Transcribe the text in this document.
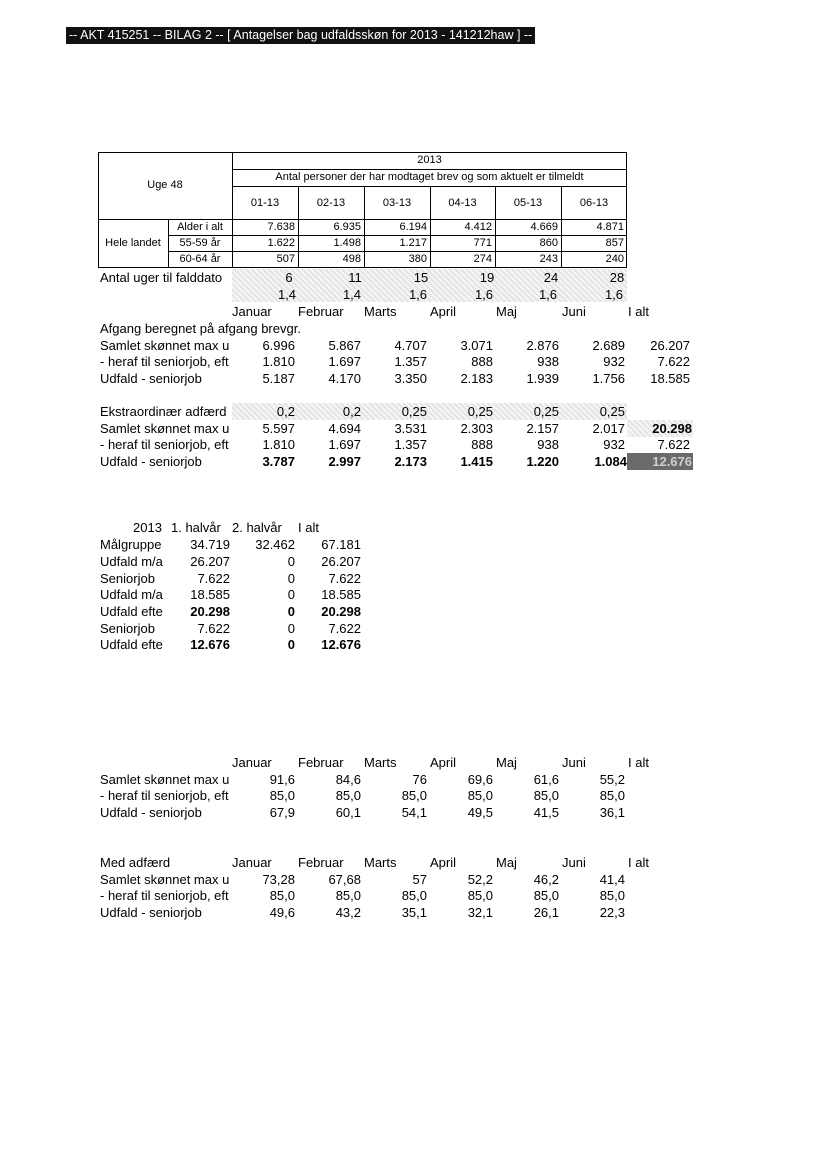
-- AKT 415251 -- BILAG 2 -- [ Antagelser bag udfaldsskøn for 2013 - 141212haw ] --
Uge 48
2013
Antal personer der har modtaget brev og som aktuelt er tilmeldt
01-13	02-13	03-13	04-13	05-13	06-13
Hele landet
Alder i alt	7.638	6.935	6.194	4.412	4.669	4.871
55-59 år	1.622	1.498	1.217	771	860	857
60-64 år	507	498	380	274	243	240
Antal uger til falddato	6	11	15	19	24	28
1,4	1,4	1,6	1,6	1,6	1,6
Januar Februar Marts	April	Maj	Juni	I alt
Afgang beregnet på afgang brevgr.
Samlet skønnet max u	6.996	5.867	4.707	3.071	2.876	2.689	26.207
- heraf til seniorjob, eft	1.810	1.697	1.357	888	938	932	7.622
Udfald - seniorjob	5.187	4.170	3.350	2.183	1.939	1.756	18.585
Ekstraordinær adfærd	0,2	0,2	0,25	0,25	0,25	0,25
Samlet skønnet max u	5.597	4.694	3.531	2.303	2.157	2.017	20.298
- heraf til seniorjob, eft	1.810	1.697	1.357	888	938	932	7.622
Udfald - seniorjob	3.787	2.997	2.173	1.415	1.220	1.084	12.676
2013 1. halvår 2. halvår I alt
Målgruppe	34.719	32.462	67.181
Udfald m/a	26.207	0	26.207
Seniorjob	7.622	0	7.622
Udfald m/a	18.585	0	18.585
Udfald efte	20.298	0	20.298
Seniorjob	7.622	0	7.622
Udfald efte	12.676	0	12.676
Januar Februar Marts	April	Maj	Juni	I alt
Samlet skønnet max u	91,6	84,6	76	69,6	61,6	55,2
- heraf til seniorjob, eft	85,0	85,0	85,0	85,0	85,0	85,0
Udfald - seniorjob	67,9	60,1	54,1	49,5	41,5	36,1
Med adfærd	Januar Februar Marts	April	Maj	Juni	I alt
Samlet skønnet max u	73,28	67,68	57	52,2	46,2	41,4
- heraf til seniorjob, eft	85,0	85,0	85,0	85,0	85,0	85,0
Udfald - seniorjob	49,6	43,2	35,1	32,1	26,1	22,3
